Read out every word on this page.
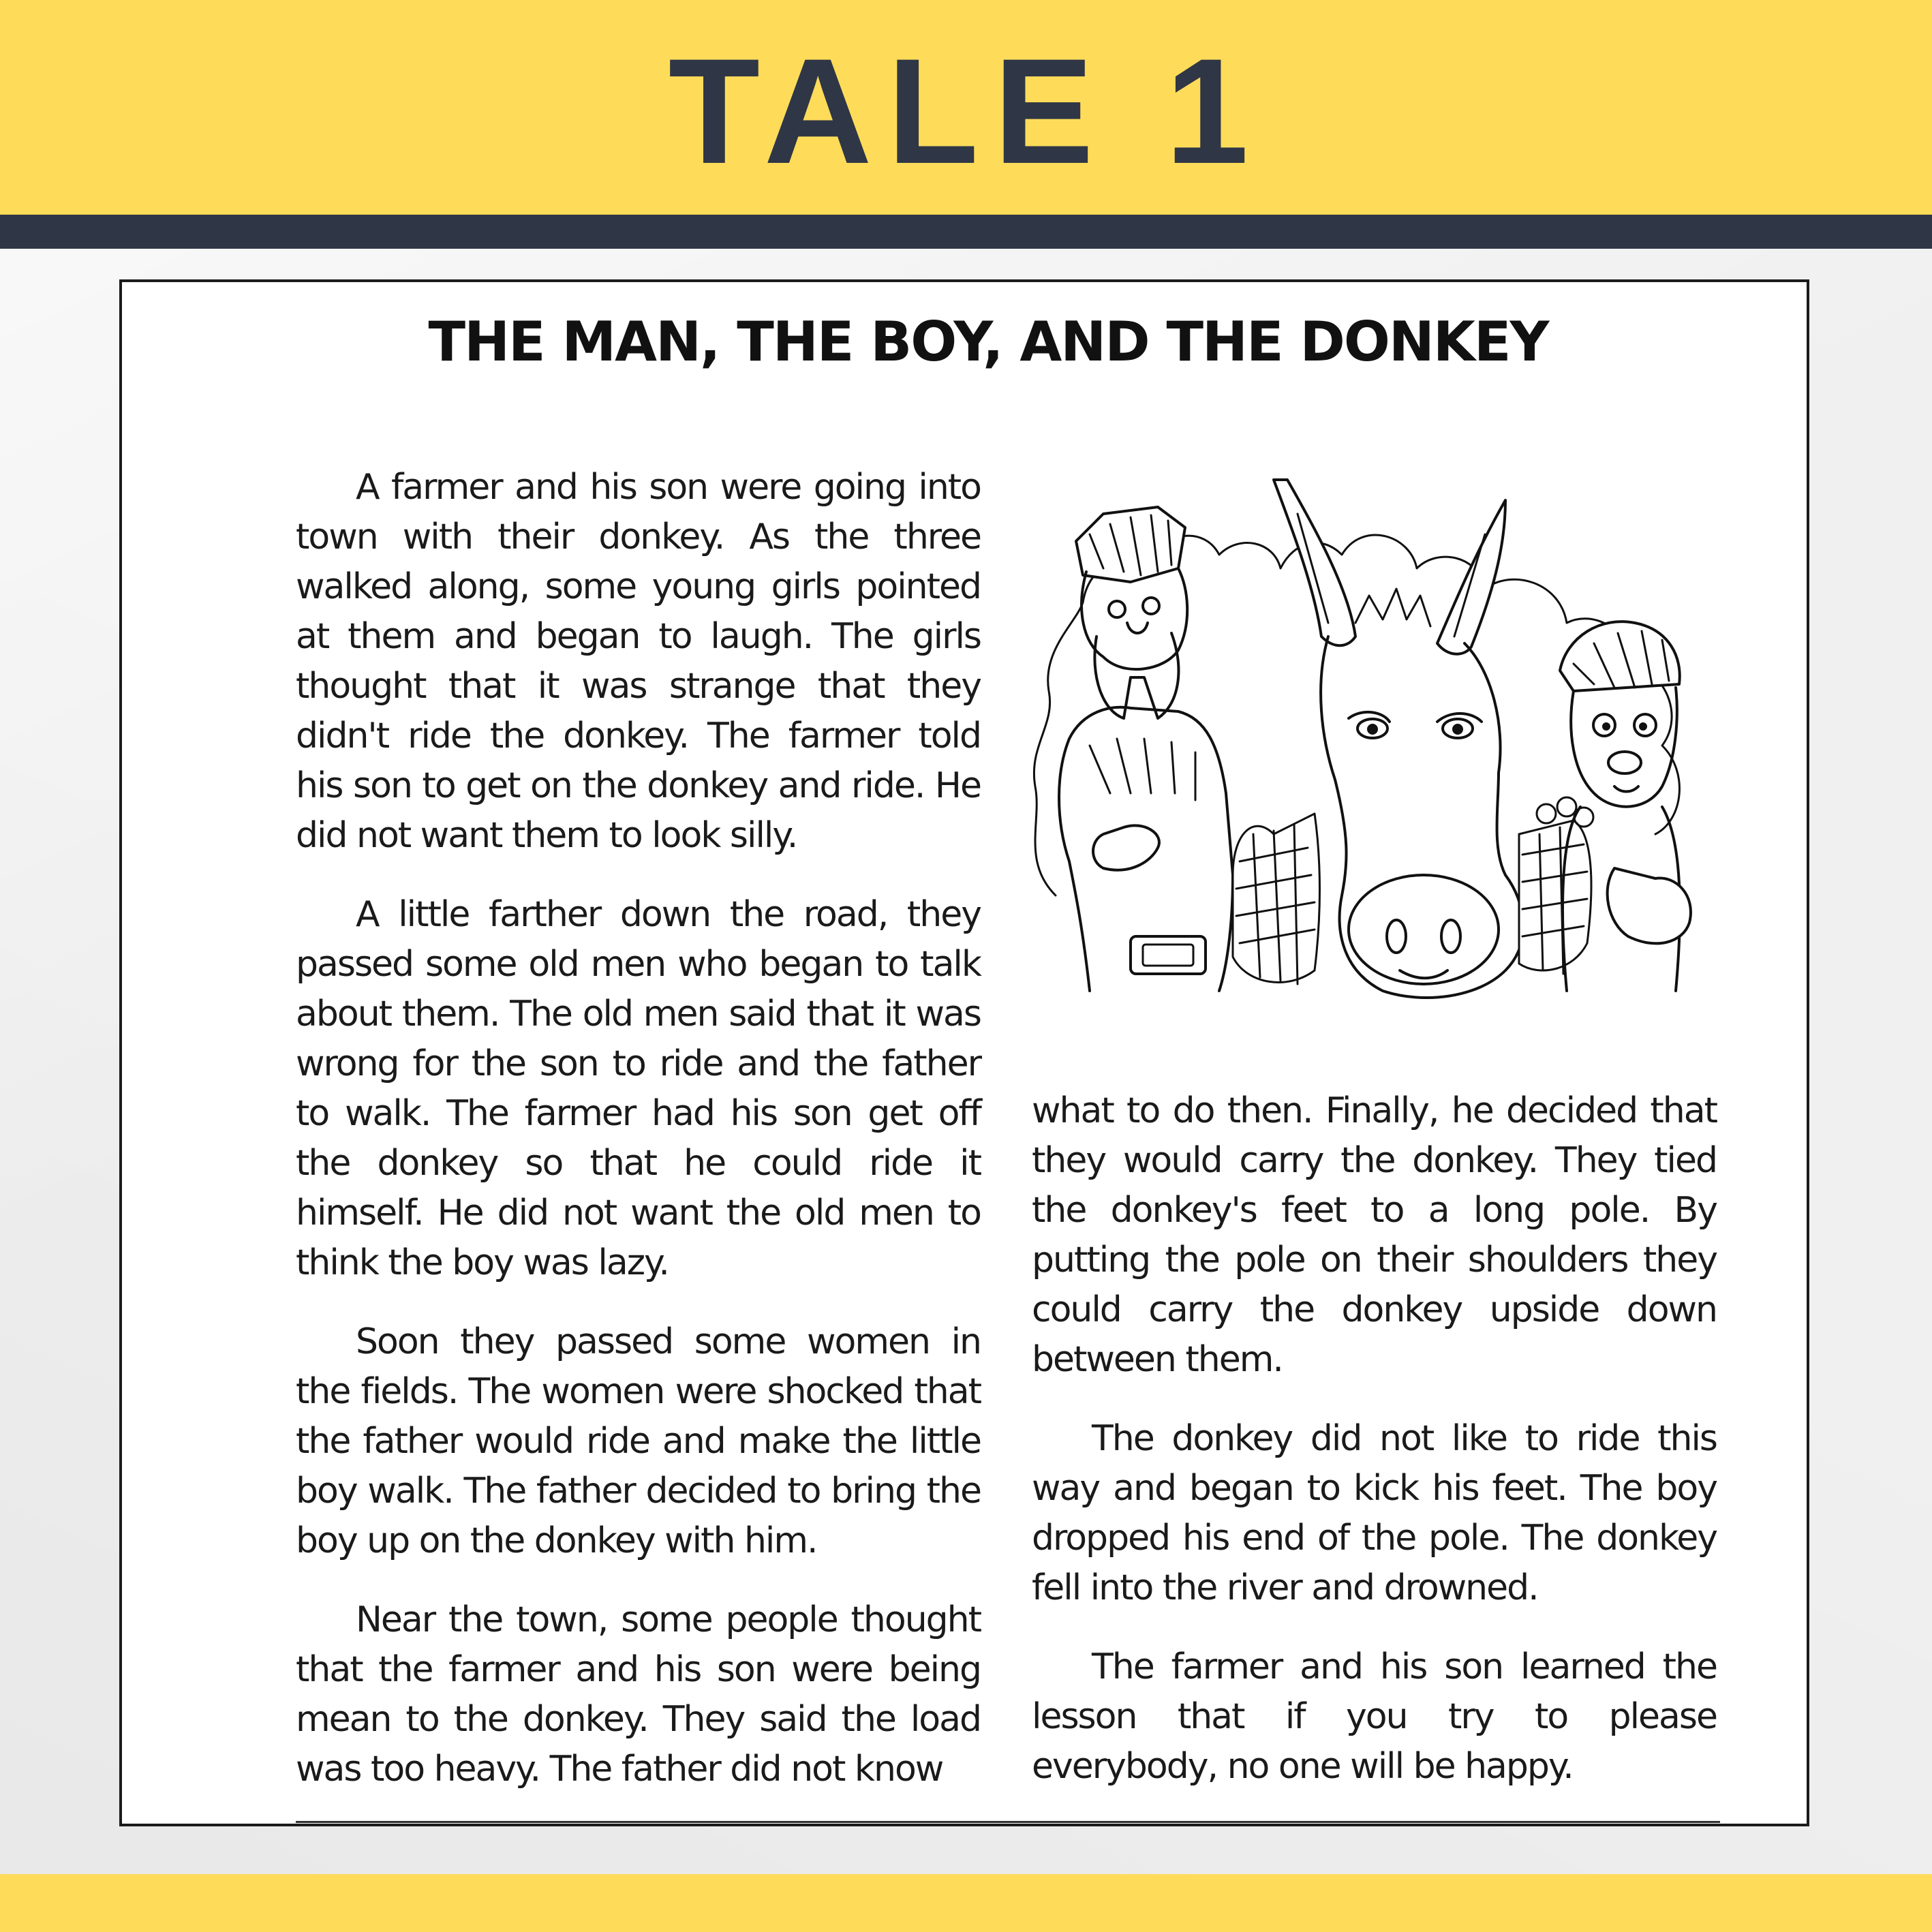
TALE 1
THE MAN, THE BOY, AND THE DONKEY

A farmer and his son were going into town with their donkey. As the three walked along, some young girls pointed at them and began to laugh. The girls thought that it was strange that they didn't ride the donkey. The farmer told his son to get on the donkey and ride. He did not want them to look silly.

A little farther down the road, they passed some old men who began to talk about them. The old men said that it was wrong for the son to ride and the father to walk. The farmer had his son get off the donkey so that he could ride it himself. He did not want the old men to think the boy was lazy.

Soon they passed some women in the fields. The women were shocked that the father would ride and make the little boy walk. The father decided to bring the boy up on the donkey with him.

Near the town, some people thought that the farmer and his son were being mean to the donkey. They said the load was too heavy. The father did not know

what to do then. Finally, he decided that they would carry the donkey. They tied the donkey's feet to a long pole. By putting the pole on their shoulders they could carry the donkey upside down between them.

The donkey did not like to ride this way and began to kick his feet. The boy dropped his end of the pole. The donkey fell into the river and drowned.

The farmer and his son learned the lesson that if you try to please everybody, no one will be happy.
